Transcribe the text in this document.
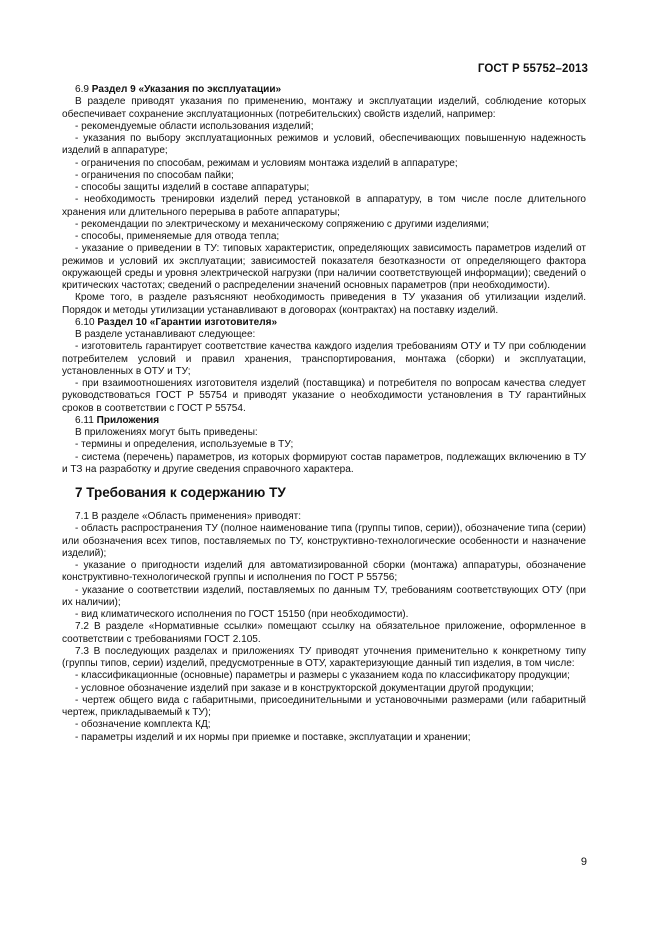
ГОСТ Р 55752–2013

6.9 Раздел 9 «Указания по эксплуатации»

В разделе приводят указания по применению, монтажу и эксплуатации изделий, соблюдение которых обеспечивает сохранение эксплуатационных (потребительских) свойств изделий, например:

- рекомендуемые области использования изделий;

- указания по выбору эксплуатационных режимов и условий, обеспечивающих повышенную надежность изделий в аппаратуре;

- ограничения по способам, режимам и условиям монтажа изделий в аппаратуре;

- ограничения по способам пайки;

- способы защиты изделий в составе аппаратуры;

- необходимость тренировки изделий перед установкой в аппаратуру, в том числе после длительного хранения или длительного перерыва в работе аппаратуры;

- рекомендации по электрическому и механическому сопряжению с другими изделиями;

- способы, применяемые для отвода тепла;

- указание о приведении в ТУ: типовых характеристик, определяющих зависимость параметров изделий от режимов и условий их эксплуатации; зависимостей показателя безотказности от определяющего фактора окружающей среды и уровня электрической нагрузки (при наличии соответствующей информации); сведений о критических частотах; сведений о распределении значений основных параметров (при необходимости).

Кроме того, в разделе разъясняют необходимость приведения в ТУ указания об утилизации изделий. Порядок и методы утилизации устанавливают в договорах (контрактах) на поставку изделий.

6.10 Раздел 10 «Гарантии изготовителя»

В разделе устанавливают следующее:

- изготовитель гарантирует соответствие качества каждого изделия требованиям ОТУ и ТУ при соблюдении потребителем условий и правил хранения, транспортирования, монтажа (сборки) и эксплуатации, установленных в ОТУ и ТУ;

- при взаимоотношениях изготовителя изделий (поставщика) и потребителя по вопросам качества следует руководствоваться ГОСТ Р 55754 и приводят указание о необходимости установления в ТУ гарантийных сроков в соответствии с ГОСТ Р 55754.

6.11 Приложения

В приложениях могут быть приведены:

- термины и определения, используемые в ТУ;

- система (перечень) параметров, из которых формируют состав параметров, подлежащих включению в ТУ и ТЗ на разработку и другие сведения справочного характера.

7 Требования к содержанию ТУ

7.1 В разделе «Область применения» приводят:

- область распространения ТУ (полное наименование типа (группы типов, серии)), обозначение типа (серии) или обозначения всех типов, поставляемых по ТУ, конструктивно-технологические особенности и назначение изделий);

- указание о пригодности изделий для автоматизированной сборки (монтажа) аппаратуры, обозначение конструктивно-технологической группы и исполнения по ГОСТ Р 55756;

- указание о соответствии изделий, поставляемых по данным ТУ, требованиям соответствующих ОТУ (при их наличии);

- вид климатического исполнения по ГОСТ 15150 (при необходимости).

7.2 В разделе «Нормативные ссылки» помещают ссылку на обязательное приложение, оформленное в соответствии с требованиями ГОСТ 2.105.

7.3 В последующих разделах и приложениях ТУ приводят уточнения применительно к конкретному типу (группы типов, серии) изделий, предусмотренные в ОТУ, характеризующие данный тип изделия, в том числе:

- классификационные (основные) параметры и размеры с указанием кода по классификатору продукции;

- условное обозначение изделий при заказе и в конструкторской документации другой продукции;

- чертеж общего вида с габаритными, присоединительными и установочными размерами (или габаритный чертеж, прикладываемый к ТУ);

- обозначение комплекта КД;

- параметры изделий и их нормы при приемке и поставке, эксплуатации и хранении;

9
